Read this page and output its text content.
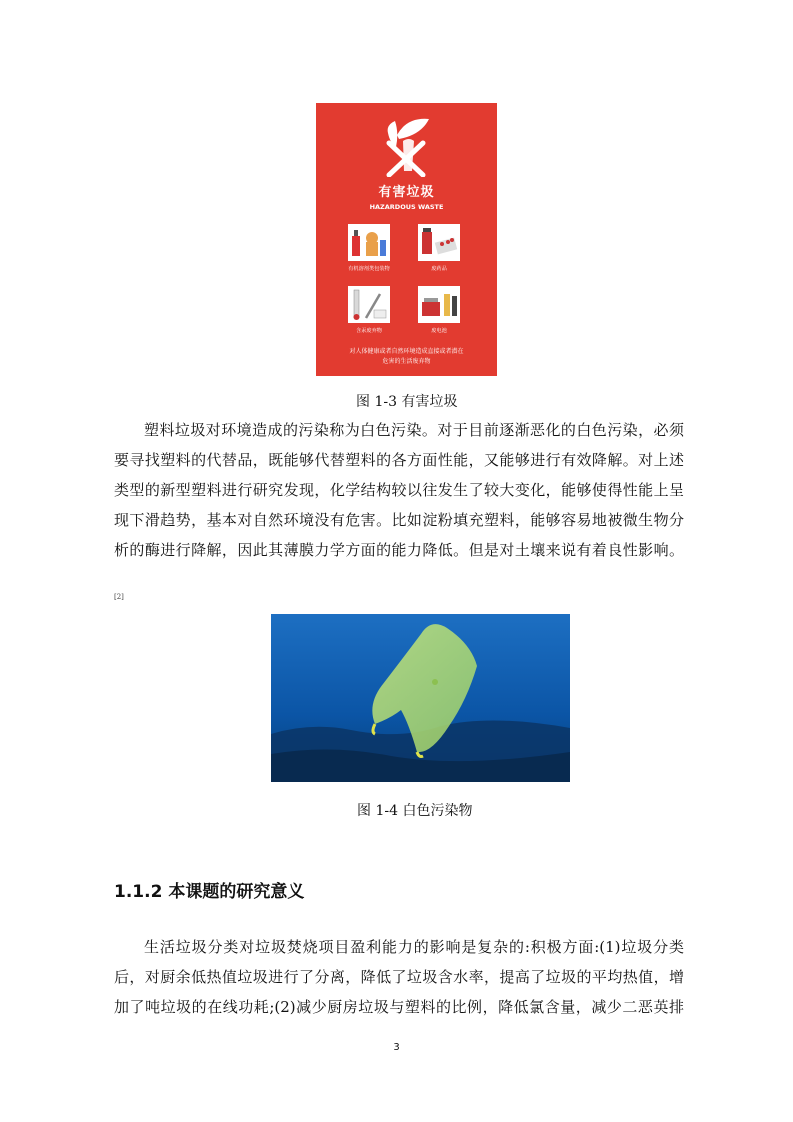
有害垃圾
HAZARDOUS WASTE
有机溶剂类包装物	废药品
含汞废弃物	废电池
对人体健康或者自然环境造成直接或者潜在
危害的生活废弃物
图 1-3 有害垃圾
塑料垃圾对环境造成的污染称为白色污染。对于目前逐渐恶化的白色污染，必须
要寻找塑料的代替品，既能够代替塑料的各方面性能，又能够进行有效降解。对上述
类型的新型塑料进行研究发现，化学结构较以往发生了较大变化，能够使得性能上呈
现下滑趋势，基本对自然环境没有危害。比如淀粉填充塑料，能够容易地被微生物分
析的酶进行降解，因此其薄膜力学方面的能力降低。但是对土壤来说有着良性影响。
[2]
图 1-4 白色污染物
1.1.2 本课题的研究意义
生活垃圾分类对垃圾焚烧项目盈利能力的影响是复杂的:积极方面:(1)垃圾分类
后，对厨余低热值垃圾进行了分离，降低了垃圾含水率，提高了垃圾的平均热值，增
加了吨垃圾的在线功耗;(2)减少厨房垃圾与塑料的比例，降低氯含量，减少二恶英排
3
